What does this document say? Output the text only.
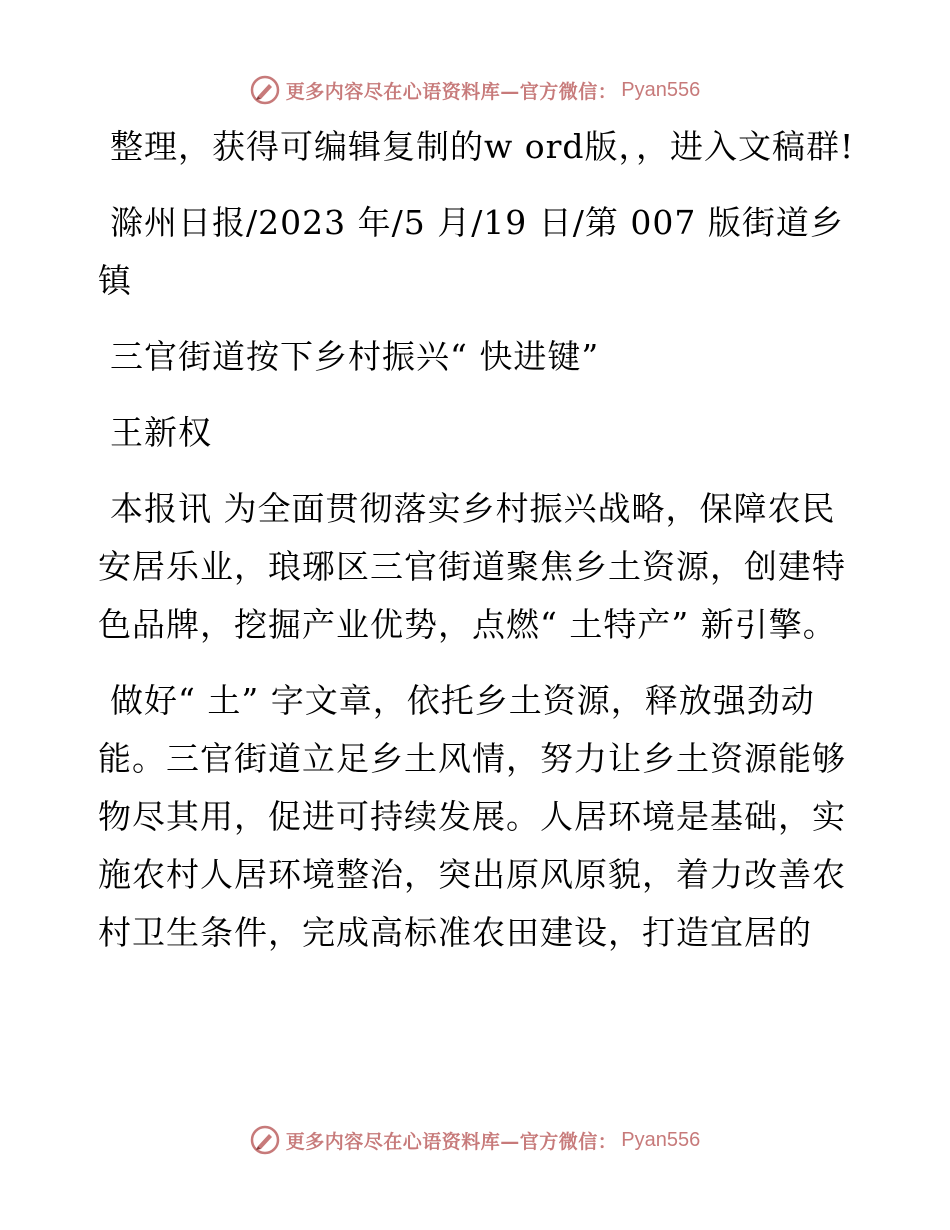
更多内容尽在心语资料库—官方微信： Pyan556

整理，获得可编辑复制的w ord版，，进入文稿群!

滁州日报/2023 年/5 月/19 日/第 007 版街道乡镇

三官街道按下乡村振兴“ 快进键”

王新权

本报讯 为全面贯彻落实乡村振兴战略，保障农民安居乐业，琅琊区三官街道聚焦乡土资源，创建特色品牌，挖掘产业优势，点燃“ 土特产” 新引擎。

做好“ 土” 字文章，依托乡土资源，释放强劲动能。三官街道立足乡土风情，努力让乡土资源能够物尽其用，促进可持续发展。人居环境是基础，实施农村人居环境整治，突出原风原貌，着力改善农村卫生条件，完成高标准农田建设，打造宜居的

更多内容尽在心语资料库—官方微信： Pyan556
